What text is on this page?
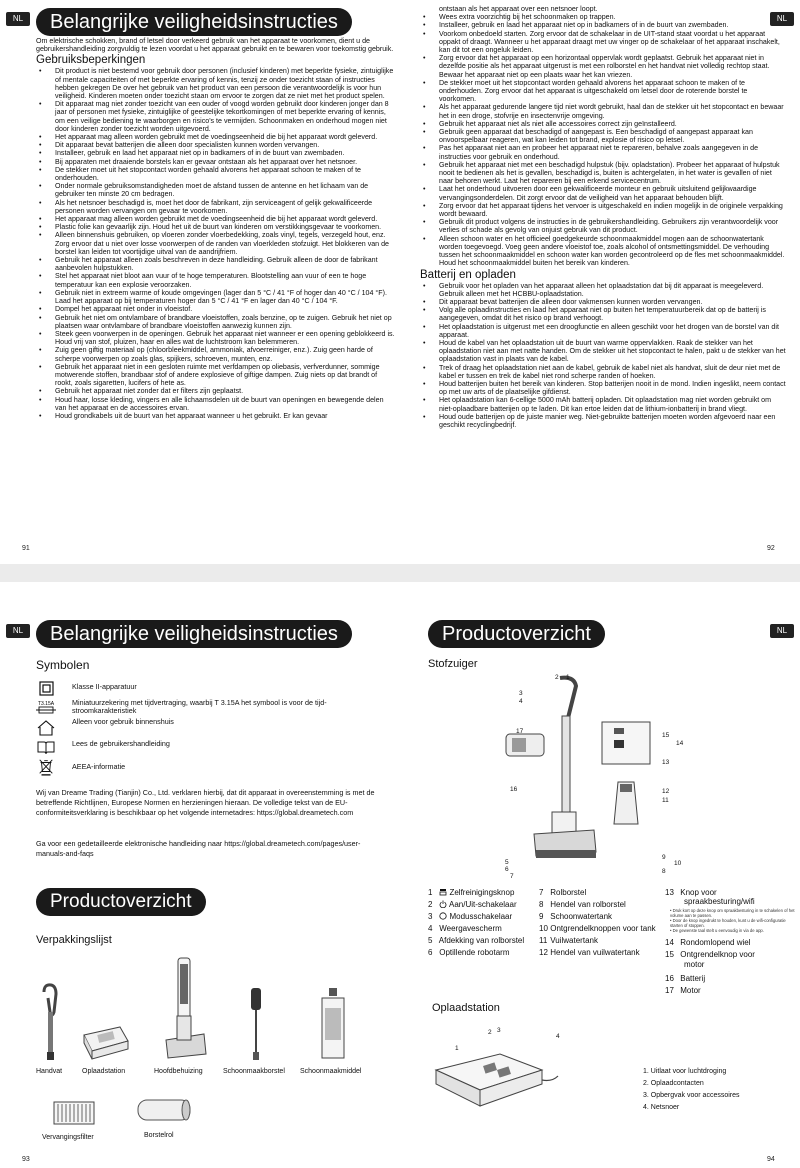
NL	Belangrijke veiligheidsinstructies

Om elektrische schokken, brand of letsel door verkeerd gebruik van het apparaat te voorkomen, dient u de gebruikershandleiding zorgvuldig te lezen voordat u het apparaat gebruikt en te bewaren voor toekomstig gebruik.

Gebruiksbeperkingen
• Dit product is niet bestemd voor gebruik door personen (inclusief kinderen) met beperkte fysieke, zintuiglijke of mentale capaciteiten of met beperkte ervaring of kennis, tenzij ze onder toezicht staan of instructies hebben gekregen De over het gebruik van het product van een persoon die verantwoordelijk is voor hun veiligheid. Kinderen moeten onder toezicht staan om ervoor te zorgen dat ze niet met het product spelen.
• Dit apparaat mag niet zonder toezicht van een ouder of voogd worden gebruikt door kinderen jonger dan 8 jaar of personen met fysieke, zintuiglijke of geestelijke tekortkomingen of met beperkte ervaring of kennis, om een veilige bediening te waarborgen en risico's te vermijden. Schoonmaken en onderhoud mogen niet door kinderen zonder toezicht worden uitgevoerd.
• Het apparaat mag alleen worden gebruikt met de voedingseenheid die bij het apparaat wordt geleverd.
• Dit apparaat bevat batterijen die alleen door specialisten kunnen worden vervangen.
• Installeer, gebruik en laad het apparaat niet op in badkamers of in de buurt van zwembaden.
• Bij apparaten met draaiende borstels kan er gevaar ontstaan als het apparaat over het netsnoer.
• De stekker moet uit het stopcontact worden gehaald alvorens het apparaat schoon te maken of te onderhouden.
• Onder normale gebruiksomstandigheden moet de afstand tussen de antenne en het lichaam van de gebruiker ten minste 20 cm bedragen.
• Als het netsnoer beschadigd is, moet het door de fabrikant, zijn serviceagent of gelijk gekwalificeerde personen worden vervangen om gevaar te voorkomen.
• Het apparaat mag alleen worden gebruikt met de voedingseenheid die bij het apparaat wordt geleverd.
• Plastic folie kan gevaarlijk zijn. Houd het uit de buurt van kinderen om verstikkingsgevaar te voorkomen.
• Alleen binnenshuis gebruiken, op vloeren zonder vloerbedekking, zoals vinyl, tegels, verzegeld hout, enz. Zorg ervoor dat u niet over losse voorwerpen of de randen van vloerkleden stofzuigt. Het blokkeren van de borstel kan leiden tot voortijdige uitval van de aandrijfriem.
• Gebruik het apparaat alleen zoals beschreven in deze handleiding. Gebruik alleen de door de fabrikant aanbevolen hulpstukken.
• Stel het apparaat niet bloot aan vuur of te hoge temperaturen. Blootstelling aan vuur of een te hoge temperatuur kan een explosie veroorzaken.
• Gebruik niet in extreem warme of koude omgevingen (lager dan 5 °C / 41 °F of hoger dan 40 °C / 104 °F). Laad het apparaat op bij temperaturen hoger dan 5 °C / 41 °F en lager dan 40 °C / 104 °F.
• Dompel het apparaat niet onder in vloeistof.
• Gebruik het niet om ontvlambare of brandbare vloeistoffen, zoals benzine, op te zuigen. Gebruik het niet op plaatsen waar ontvlambare of brandbare vloeistoffen aanwezig kunnen zijn.
• Steek geen voorwerpen in de openingen. Gebruik het apparaat niet wanneer er een opening geblokkeerd is. Houd vrij van stof, pluizen, haar en alles wat de luchtstroom kan belemmeren.
• Zuig geen giftig materiaal op (chloorbleekmiddel, ammoniak, afvoerreiniger, enz.). Zuig geen harde of scherpe voorwerpen op zoals glas, spijkers, schroeven, munten, enz.
• Gebruik het apparaat niet in een gesloten ruimte met verfdampen op oliebasis, verfverdunner, sommige motwerende stoffen, brandbaar stof of andere explosieve of giftige dampen. Zuig niets op dat brandt of rookt, zoals sigaretten, lucifers of hete as.
• Gebruik het apparaat niet zonder dat er filters zijn geplaatst.
• Houd haar, losse kleding, vingers en alle lichaamsdelen uit de buurt van openingen en bewegende delen van het apparaat en de accessoires ervan.
• Houd grondkabels uit de buurt van het apparaat wanneer u het gebruikt. Er kan gevaar
91
NL

ontstaan als het apparaat over een netsnoer loopt.

• Wees extra voorzichtig bij het schoonmaken op trappen.
• Installeer, gebruik en laad het apparaat niet op in badkamers of in de buurt van zwembaden.
• Voorkom onbedoeld starten. Zorg ervoor dat de schakelaar in de UIT-stand staat voordat u het apparaat oppakt of draagt. Wanneer u het apparaat draagt met uw vinger op de schakelaar of het apparaat inschakelt, kan dit tot een ongeluk leiden.
• Zorg ervoor dat het apparaat op een horizontaal oppervlak wordt geplaatst. Gebruik het apparaat niet in dezelfde positie als het apparaat uitgerust is met een rolborstel en het handvat niet volledig rechtop staat. Bewaar het apparaat niet op een plaats waar het kan vriezen.
• De stekker moet uit het stopcontact worden gehaald alvorens het apparaat schoon te maken of te onderhouden. Zorg ervoor dat het apparaat is uitgeschakeld om letsel door de roterende borstel te voorkomen.
• Als het apparaat gedurende langere tijd niet wordt gebruikt, haal dan de stekker uit het stopcontact en bewaar het in een droge, stofvrije en insectenvrije omgeving.
• Gebruik het apparaat niet als niet alle accessoires correct zijn geïnstalleerd.
• Gebruik geen apparaat dat beschadigd of aangepast is. Een beschadigd of aangepast apparaat kan onvoorspelbaar reageren, wat kan leiden tot brand, explosie of risico op letsel.
• Pas het apparaat niet aan en probeer het apparaat niet te repareren, behalve zoals aangegeven in de instructies voor gebruik en onderhoud.
• Gebruik het apparaat niet met een beschadigd hulpstuk (bijv. opladstation). Probeer het apparaat of hulpstuk nooit te bedienen als het is gevallen, beschadigd is, buiten is achtergelaten, in het water is gevallen of niet naar behoren werkt. Laat het repareren bij een erkend servicecentrum.
• Laat het onderhoud uitvoeren door een gekwalificeerde monteur en gebruik uitsluitend gelijkwaardige vervangingsonderdelen. Dit zorgt ervoor dat de veiligheid van het apparaat behouden blijft.
• Zorg ervoor dat het apparaat tijdens het vervoer is uitgeschakeld en indien mogelijk in de originele verpakking wordt bewaard.
• Gebruik dit product volgens de instructies in de gebruikershandleiding. Gebruikers zijn verantwoordelijk voor verlies of schade als gevolg van onjuist gebruik van dit product.
• Alleen schoon water en het officieel goedgekeurde schoonmaakmiddel mogen aan de schoonwatertank worden toegevoegd. Voeg geen andere vloeistof toe, zoals alcohol of ontsmettingsmiddel. De verhouding tussen het schoonmaakmiddel en schoon water kan worden gecontroleerd op de fles met schoonmaakmiddel. Houd het schoonmaakmiddel buiten het bereik van kinderen.
Batterij en opladen
• Gebruik voor het opladen van het apparaat alleen het oplaadstation dat bij dit apparaat is meegeleverd. Gebruik alleen met het HCBBU-oplaadstation.
• Dit apparaat bevat batterijen die alleen door vakmensen kunnen worden vervangen.
• Volg alle oplaadinstructies en laad het apparaat niet op buiten het temperatuurbereik dat op de batterij is aangegeven, omdat dit het risico op brand verhoogt.
• Het oplaadstation is uitgerust met een droogfunctie en alleen geschikt voor het drogen van de borstel van dit apparaat.
• Houd de kabel van het oplaadstation uit de buurt van warme oppervlakken. Raak de stekker van het oplaadstation niet aan met natte handen. Om de stekker uit het stopcontact te halen, pakt u de stekker van het oplaadstation vast in plaats van de kabel.
• Trek of draag het oplaadstation niet aan de kabel, gebruik de kabel niet als handvat, sluit de deur niet met de kabel er tussen en trek de kabel niet rond scherpe randen of hoeken.
• Houd batterijen buiten het bereik van kinderen. Stop batterijen nooit in de mond. Indien ingeslikt, neem contact op met uw arts of de plaatselijke gifdienst.
• Het oplaadstation kan 6-cellige 5000 mAh batterij opladen. Dit oplaadstation mag niet worden gebruikt om niet-oplaadbare batterijen op te laden. Dit kan ertoe leiden dat de lithium-ionbatterij in brand vliegt.
• Houd oude batterijen op de juiste manier weg. Niet-gebruikte batterijen moeten worden afgevoerd naar een geschikt recyclingbedrijf.
92
NL	Belangrijke veiligheidsinstructies
Symbolen
Klasse II-apparatuur
T3.15A Miniatuurzekering met tijdvertraging, waarbij T 3.15A het symbool is voor de tijd-stroomkarakteristiek
Alleen voor gebruik binnenshuis
Lees de gebruikershandleiding
AEEA-informatie
Wij van Dreame Trading (Tianjin) Co., Ltd. verklaren hierbij, dat dit apparaat in overeenstemming is met de betreffende Richtlijnen, Europese Normen en herzieningen hieraan. De volledige tekst van de EU-conformiteitsverklaring is beschikbaar op het volgende internetadres: https://global.dreametech.com
Ga voor een gedetailleerde elektronische handleiding naar https://global.dreametech.com/pages/user-manuals-and-faqs
Productoverzicht
Verpakkingslijst
Handvat	Oplaadstation	Hoofdbehuizing	Schoonmaakborstel Schoonmaakmiddel
Vervangingsfilter	Borstelrol
93
Productoverzicht	NL
Stofzuiger
2 1
3
4
17
16
5
6
7
15
14
13
12
11
9
10
8
1 Zelfreinigingsknop
2 Aan/Uit-schakelaar
3 Modusschakelaar
4 Weergavescherm
5 Afdekking van rolborstel
6 Optillende robotarm
7 Rolborstel
8 Hendel van rolborstel
9 Schoonwatertank
10 Ontgrendelknoppen voor tank
11 Vuilwatertank
12 Hendel van vuilwatertank
13 Knop voor
spraakbesturing/wifi
• Druk kort op deze knop om spraakbesturing in te schakelen of het volume aan te passen.
• Door de knop ingedrukt te houden, kunt u de wifi-configuratie starten of stoppen.
• De gewenste taal stelt u eenvoudig in via de app.
14 Rondomlopend wiel
15 Ontgrendelknop voor
motor
16 Batterij
17 Motor
Oplaadstation
2 3
1
4
1. Uitlaat voor luchtdroging
2. Oplaadcontacten
3. Opbergvak voor accessoires
4. Netsnoer
94
